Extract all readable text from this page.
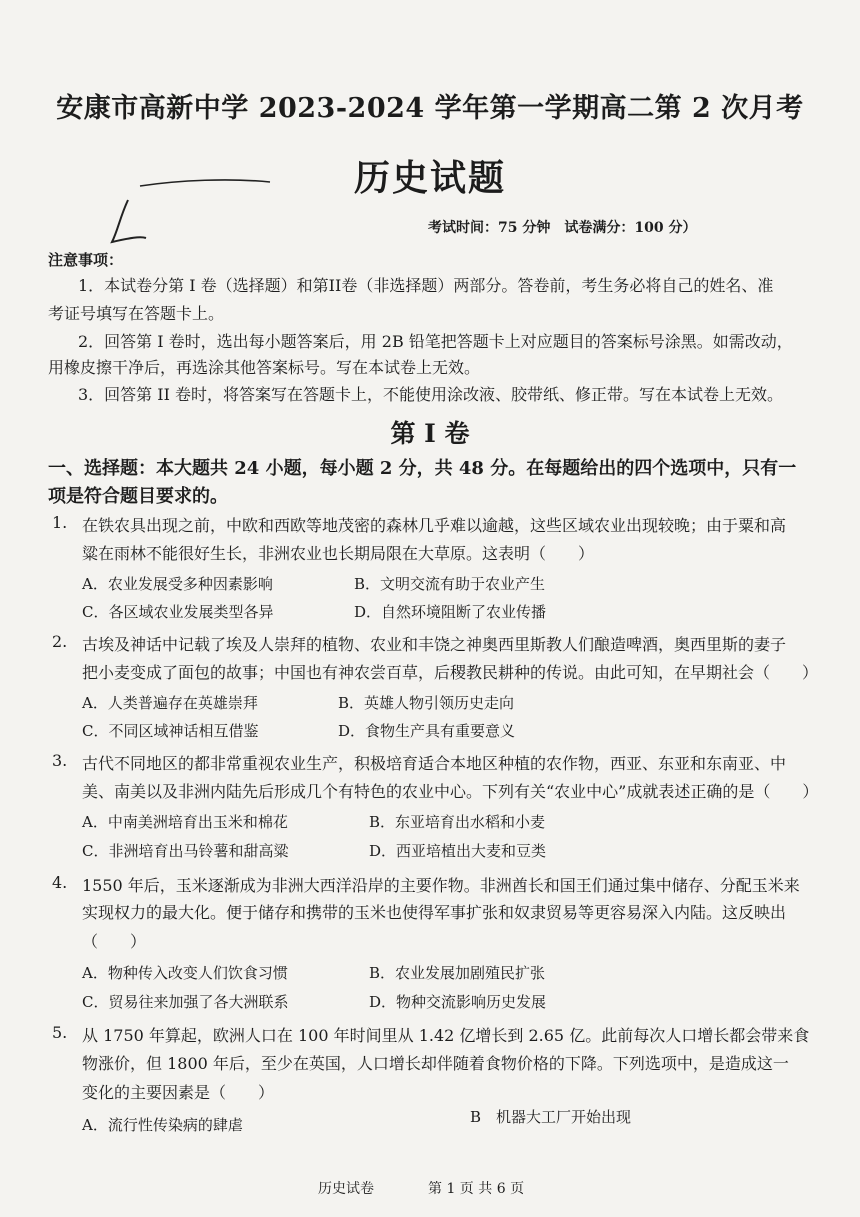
安康市高新中学 2023-2024 学年第一学期高二第 2 次月考
历史试题
考试时间：75 分钟　试卷满分：100 分）
注意事项：
1．本试卷分第 I 卷（选择题）和第II卷（非选择题）两部分。答卷前，考生务必将自己的姓名、准
考证号填写在答题卡上。
2．回答第 I 卷时，选出每小题答案后，用 2B 铅笔把答题卡上对应题目的答案标号涂黑。如需改动，
用橡皮擦干净后，再选涂其他答案标号。写在本试卷上无效。
3．回答第 II 卷时，将答案写在答题卡上，不能使用涂改液、胶带纸、修正带。写在本试卷上无效。
第 I 卷
一、选择题：本大题共 24 小题，每小题 2 分，共 48 分。在每题给出的四个选项中，只有一
项是符合题目要求的。
1. 在铁农具出现之前，中欧和西欧等地茂密的森林几乎难以逾越，这些区域农业出现较晚；由于粟和高
粱在雨林不能很好生长，非洲农业也长期局限在大草原。这表明（　　）
A．农业发展受多种因素影响	B．文明交流有助于农业产生
C．各区域农业发展类型各异	D．自然环境阻断了农业传播
2. 古埃及神话中记载了埃及人崇拜的植物、农业和丰饶之神奥西里斯教人们酿造啤酒，奥西里斯的妻子
把小麦变成了面包的故事；中国也有神农尝百草，后稷教民耕种的传说。由此可知，在早期社会（　　）
A．人类普遍存在英雄崇拜	B．英雄人物引领历史走向
C．不同区域神话相互借鉴	D．食物生产具有重要意义
3. 古代不同地区的都非常重视农业生产，积极培育适合本地区种植的农作物，西亚、东亚和东南亚、中
美、南美以及非洲内陆先后形成几个有特色的农业中心。下列有关“农业中心”成就表述正确的是（　　）
A．中南美洲培育出玉米和棉花	B．东亚培育出水稻和小麦
C．非洲培育出马铃薯和甜高粱	D．西亚培植出大麦和豆类
4. 1550 年后，玉米逐渐成为非洲大西洋沿岸的主要作物。非洲酋长和国王们通过集中储存、分配玉米来
实现权力的最大化。便于储存和携带的玉米也使得军事扩张和奴隶贸易等更容易深入内陆。这反映出
（　　）
A．物种传入改变人们饮食习惯	B．农业发展加剧殖民扩张
C．贸易往来加强了各大洲联系	D．物种交流影响历史发展
5. 从 1750 年算起，欧洲人口在 100 年时间里从 1.42 亿增长到 2.65 亿。此前每次人口增长都会带来食
物涨价，但 1800 年后，至少在英国，人口增长却伴随着食物价格的下降。下列选项中，是造成这一
变化的主要因素是（　　）
A．流行性传染病的肆虐	B　机器大工厂开始出现
历史试卷	第 1 页 共 6 页
